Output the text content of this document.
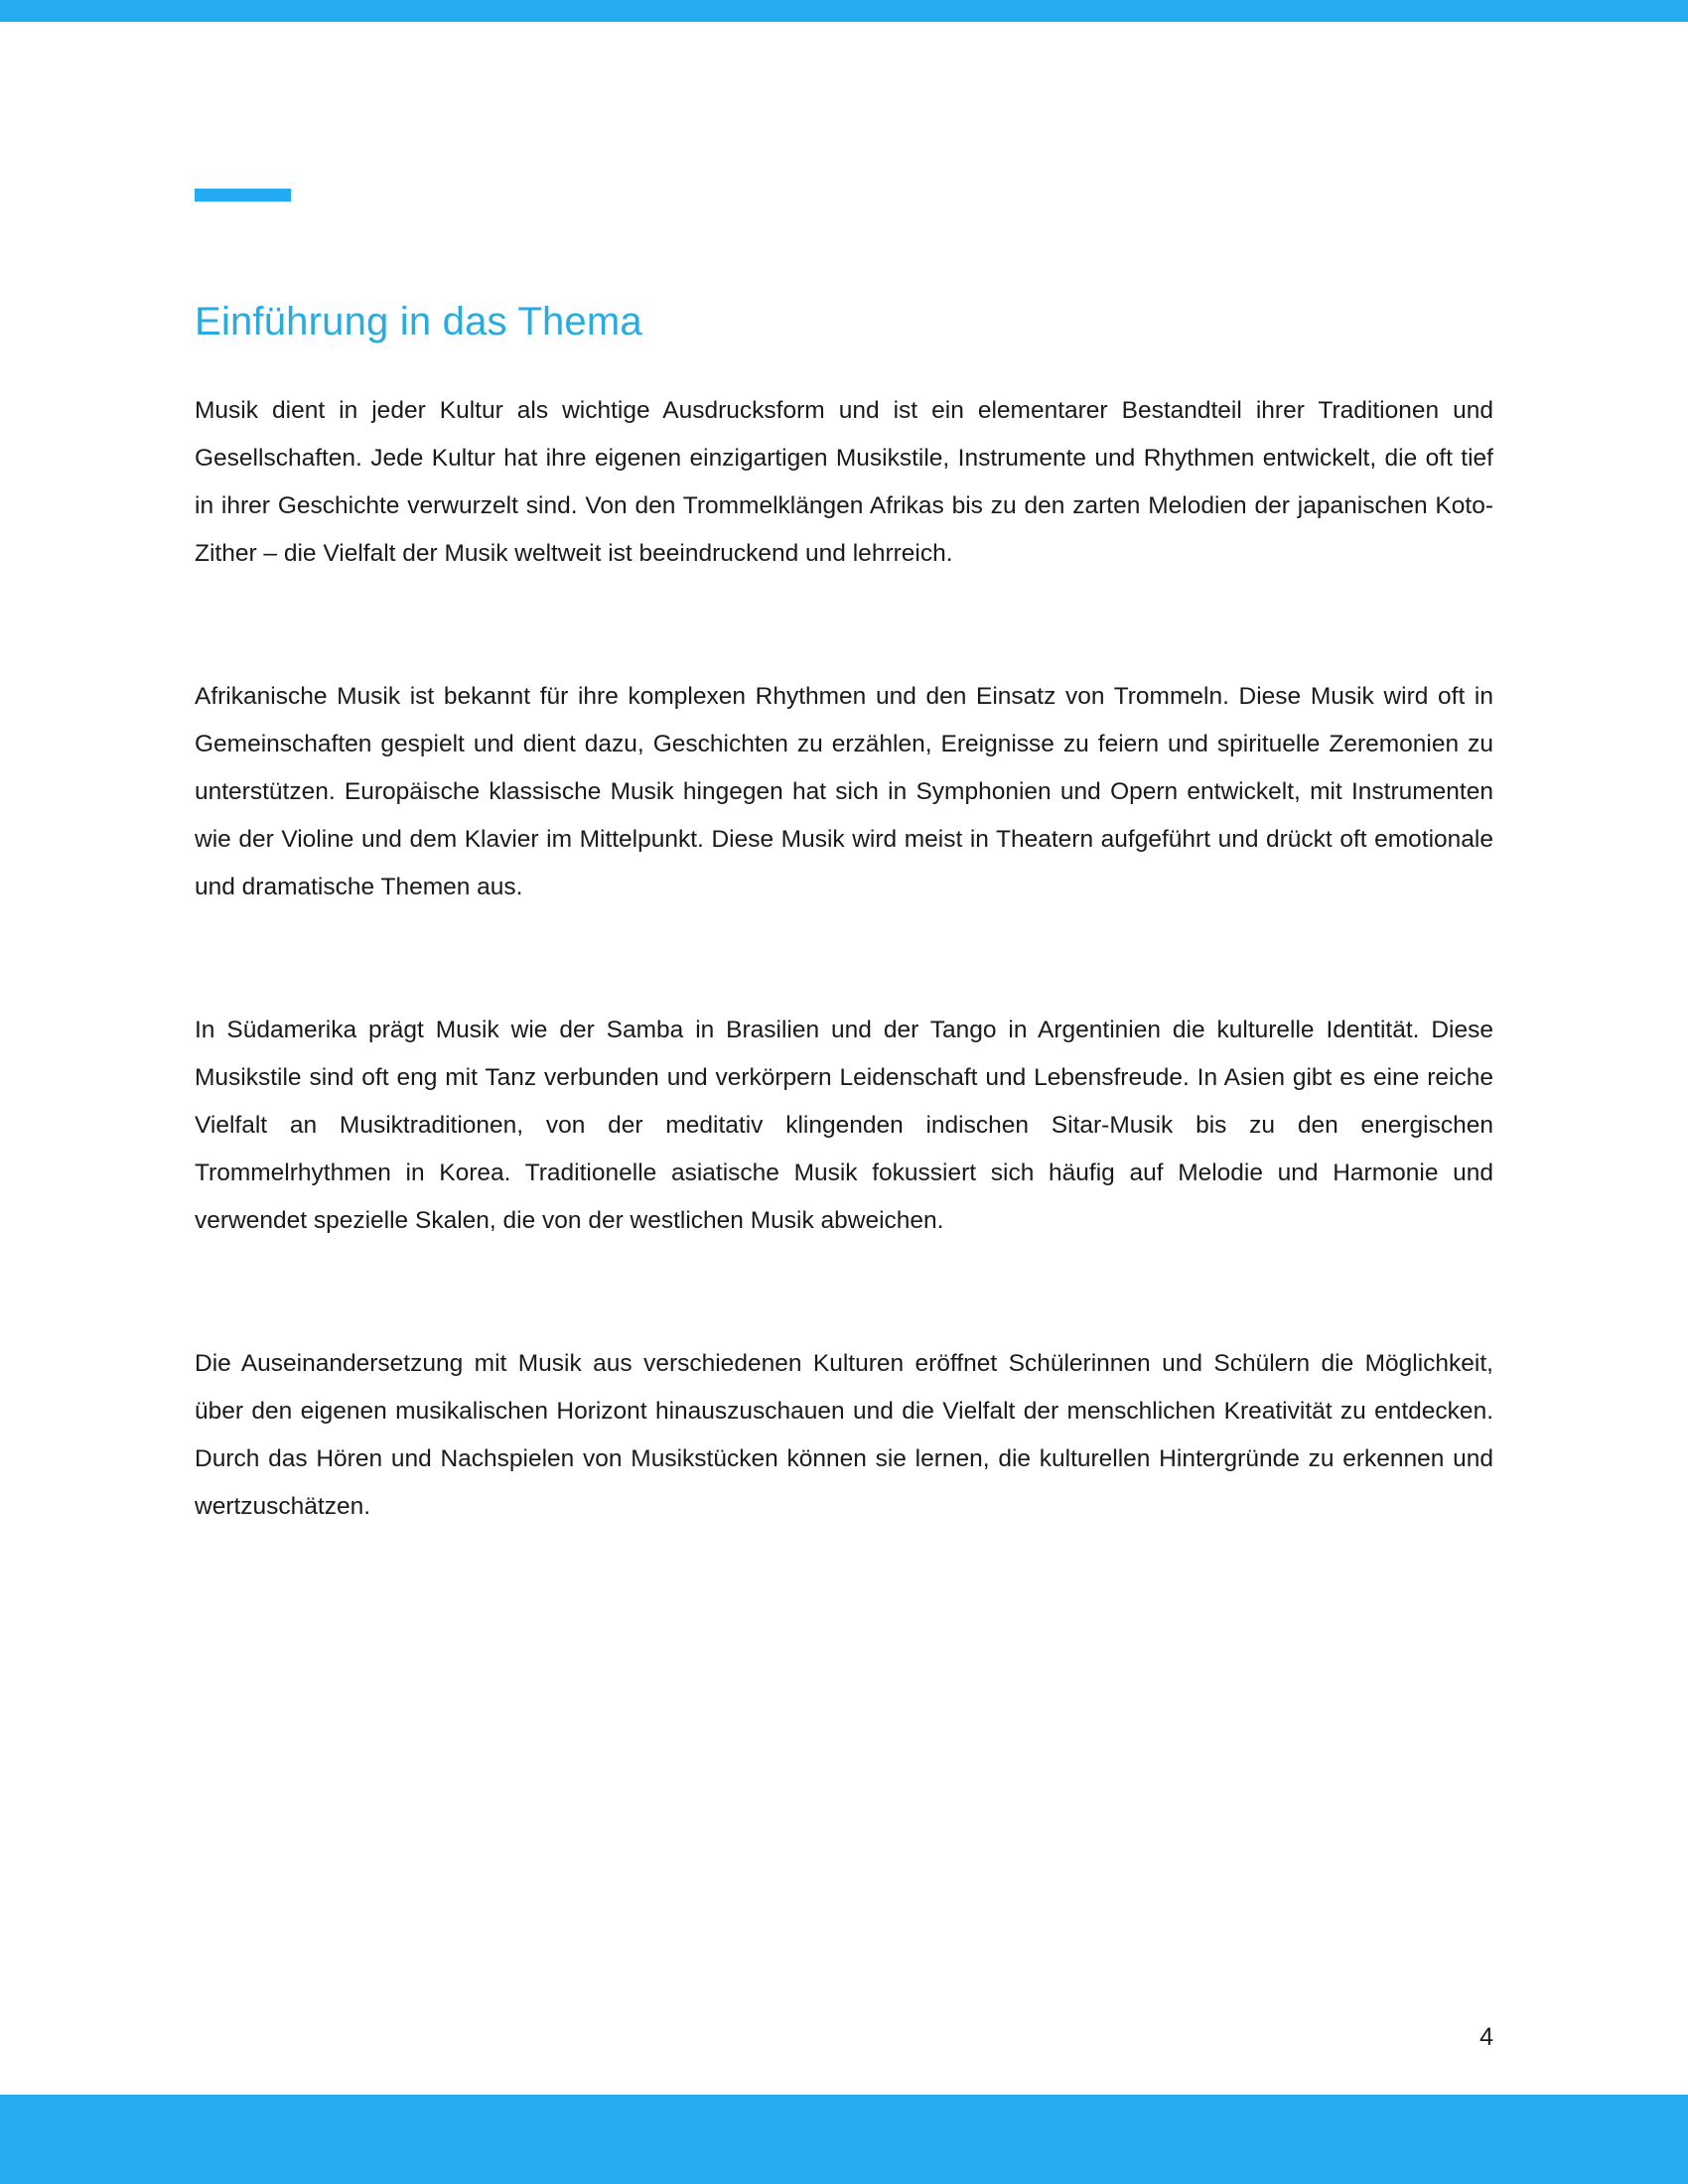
Einführung in das Thema

Musik dient in jeder Kultur als wichtige Ausdrucksform und ist ein elementarer Bestandteil ihrer Traditionen und Gesellschaften. Jede Kultur hat ihre eigenen einzigartigen Musikstile, Instrumente und Rhythmen entwickelt, die oft tief in ihrer Geschichte verwurzelt sind. Von den Trommelklängen Afrikas bis zu den zarten Melodien der japanischen Koto-Zither – die Vielfalt der Musik weltweit ist beeindruckend und lehrreich.

Afrikanische Musik ist bekannt für ihre komplexen Rhythmen und den Einsatz von Trommeln. Diese Musik wird oft in Gemeinschaften gespielt und dient dazu, Geschichten zu erzählen, Ereignisse zu feiern und spirituelle Zeremonien zu unterstützen. Europäische klassische Musik hingegen hat sich in Symphonien und Opern entwickelt, mit Instrumenten wie der Violine und dem Klavier im Mittelpunkt. Diese Musik wird meist in Theatern aufgeführt und drückt oft emotionale und dramatische Themen aus.

In Südamerika prägt Musik wie der Samba in Brasilien und der Tango in Argentinien die kulturelle Identität. Diese Musikstile sind oft eng mit Tanz verbunden und verkörpern Leidenschaft und Lebensfreude. In Asien gibt es eine reiche Vielfalt an Musiktraditionen, von der meditativ klingenden indischen Sitar-Musik bis zu den energischen Trommelrhythmen in Korea. Traditionelle asiatische Musik fokussiert sich häufig auf Melodie und Harmonie und verwendet spezielle Skalen, die von der westlichen Musik abweichen.

Die Auseinandersetzung mit Musik aus verschiedenen Kulturen eröffnet Schülerinnen und Schülern die Möglichkeit, über den eigenen musikalischen Horizont hinauszuschauen und die Vielfalt der menschlichen Kreativität zu entdecken. Durch das Hören und Nachspielen von Musikstücken können sie lernen, die kulturellen Hintergründe zu erkennen und wertzuschätzen.

4
